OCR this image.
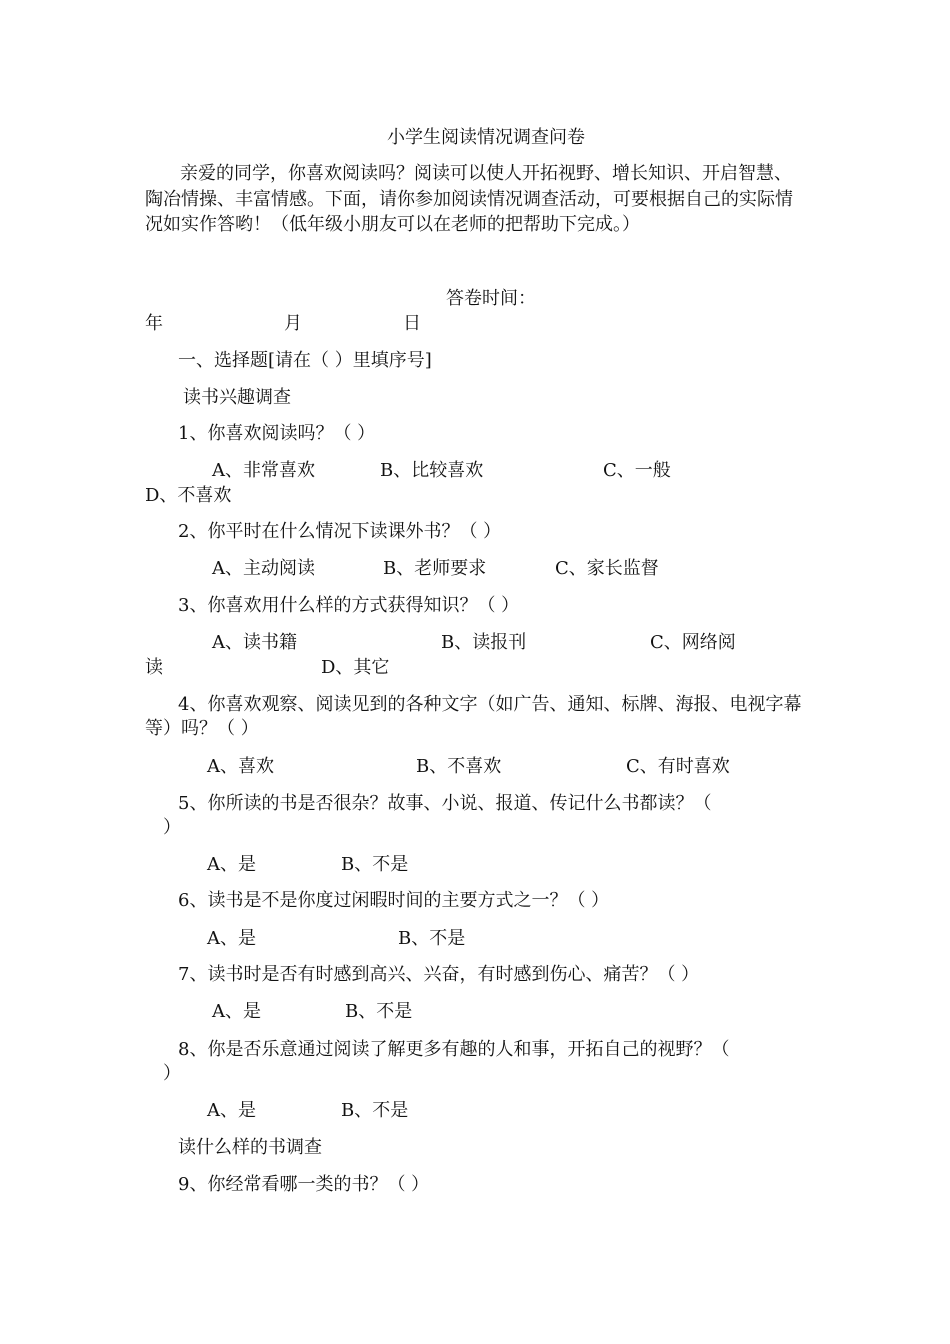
小学生阅读情况调查问卷
亲爱的同学，你喜欢阅读吗？阅读可以使人开拓视野、增长知识、开启智慧、
陶冶情操、丰富情感。下面，请你参加阅读情况调查活动，可要根据自己的实际情
况如实作答哟！（低年级小朋友可以在老师的把帮助下完成。）
答卷时间：
年	月	日
一、选择题[请在（ ）里填序号]
读书兴趣调查
1、你喜欢阅读吗？（ ）
A、非常喜欢	B、比较喜欢	C、一般
D、不喜欢
2、你平时在什么情况下读课外书？（ ）
A、主动阅读	B、老师要求	C、家长监督
3、你喜欢用什么样的方式获得知识？（ ）
A、读书籍	B、读报刊	C、网络阅
读	D、其它
4、你喜欢观察、阅读见到的各种文字（如广告、通知、标牌、海报、电视字幕
等）吗？（ ）
A、喜欢	B、不喜欢	C、有时喜欢
5、你所读的书是否很杂？故事、小说、报道、传记什么书都读？（
）
A、是	B、不是
6、读书是不是你度过闲暇时间的主要方式之一？（ ）
A、是	B、不是
7、读书时是否有时感到高兴、兴奋，有时感到伤心、痛苦？（ ）
A、是	B、不是
8、你是否乐意通过阅读了解更多有趣的人和事，开拓自己的视野？（
）
A、是	B、不是
读什么样的书调查
9、你经常看哪一类的书？（ ）
